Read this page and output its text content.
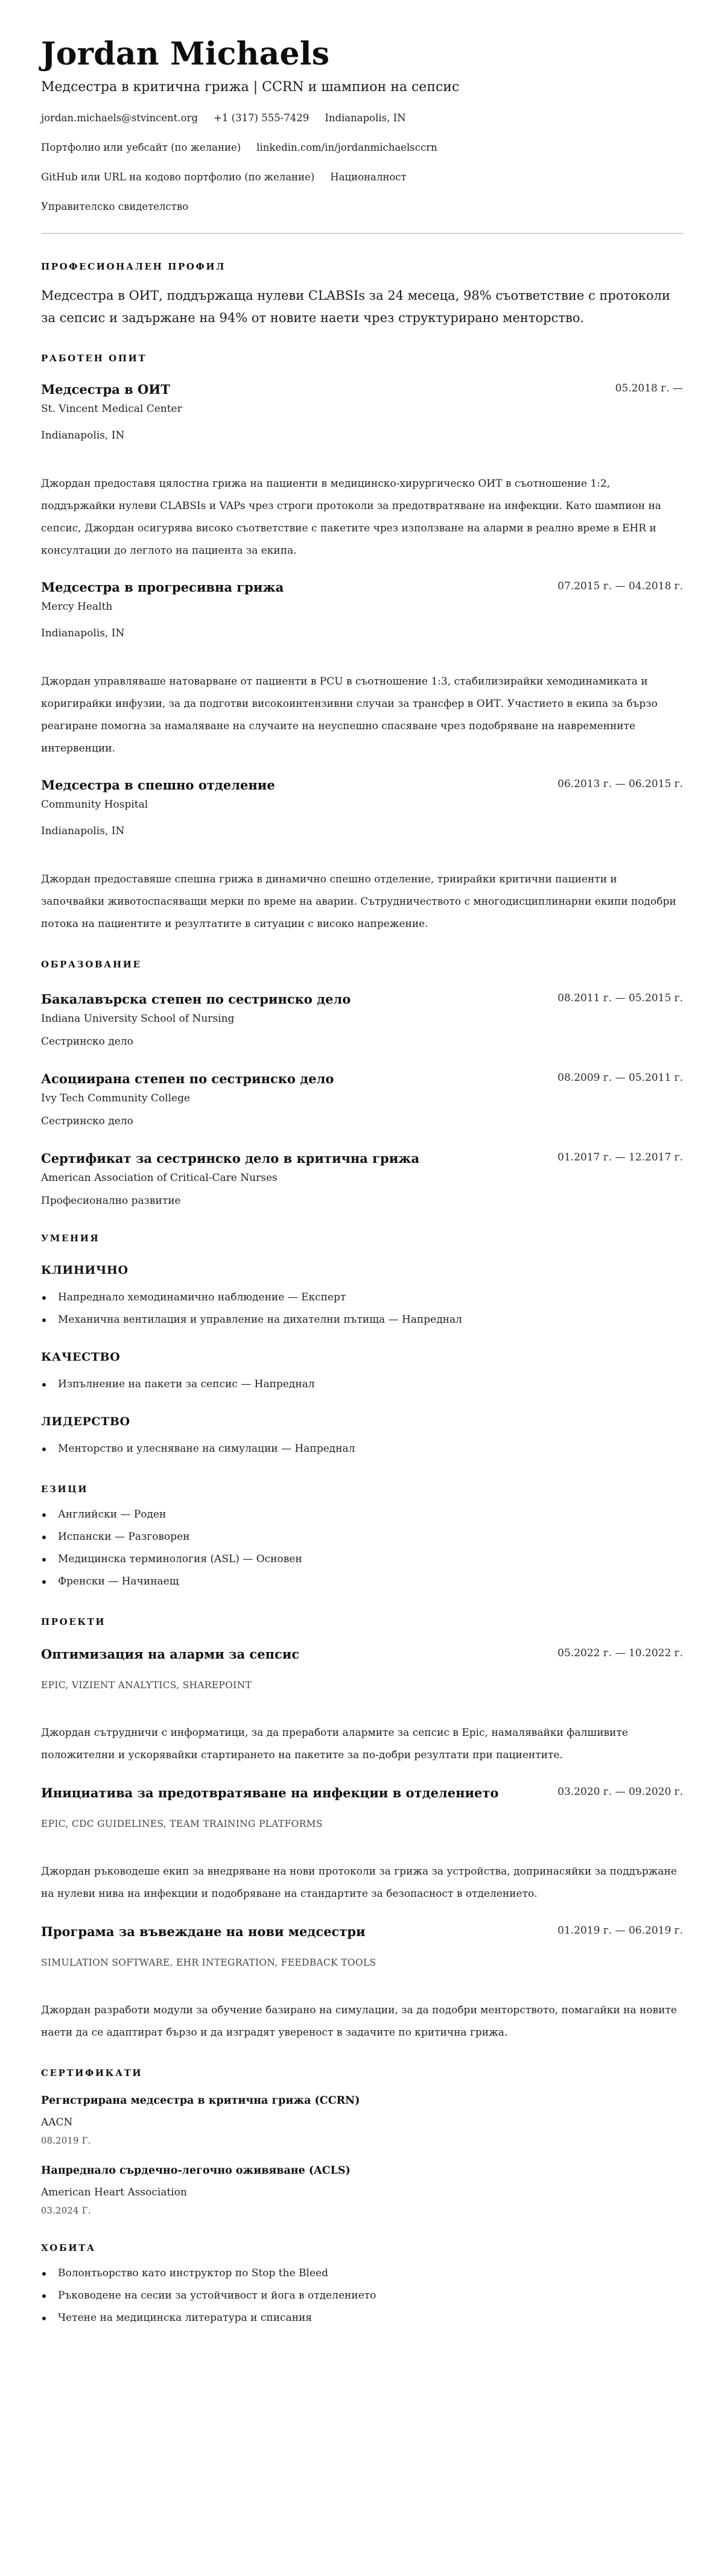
Jordan Michaels
Медсестра в критична грижа | CCRN и шампион на сепсис
jordan.michaels@stvincent.org +1 (317) 555-7429 Indianapolis, IN
Портфолио или уебсайт (по желание) linkedin.com/in/jordanmichaelsccrn
GitHub или URL на кодово портфолио (по желание) Националност
Управителско свидетелство
ПРОФЕСИОНАЛЕН ПРОФИЛ

Медсестра в ОИТ, поддържаща нулеви CLABSIs за 24 месеца, 98% съответствие с протоколи за сепсис и задържане на 94% от новите наети чрез структурирано менторство.

РАБОТЕН ОПИТ
Медсестра в ОИТ	05.2018 г. —
St. Vincent Medical Center
Indianapolis, IN

Джордан предоставя цялостна грижа на пациенти в медицинско-хирургическо ОИТ в съотношение 1:2, поддържайки нулеви CLABSIs и VAPs чрез строги протоколи за предотвратяване на инфекции. Като шампион на сепсис, Джордан осигурява високо съответствие с пакетите чрез използване на аларми в реално време в EHR и консултации до леглото на пациента за екипа.

Медсестра в прогресивна грижа	07.2015 г. — 04.2018 г.
Mercy Health
Indianapolis, IN

Джордан управляваше натоварване от пациенти в PCU в съотношение 1:3, стабилизирайки хемодинамиката и коригирайки инфузии, за да подготви високоинтензивни случаи за трансфер в ОИТ. Участието в екипа за бързо реагиране помогна за намаляване на случаите на неуспешно спасяване чрез подобряване на навременните интервенции.

Медсестра в спешно отделение	06.2013 г. — 06.2015 г.
Community Hospital
Indianapolis, IN

Джордан предоставяше спешна грижа в динамично спешно отделение, триирайки критични пациенти и започвайки животоспасяващи мерки по време на аварии. Сътрудничеството с многодисциплинарни екипи подобри потока на пациентите и резултатите в ситуации с високо напрежение.

ОБРАЗОВАНИЕ
Бакалавърска степен по сестринско дело	08.2011 г. — 05.2015 г.
Indiana University School of Nursing
Сестринско дело
Асоциирана степен по сестринско дело	08.2009 г. — 05.2011 г.
Ivy Tech Community College
Сестринско дело
Сертификат за сестринско дело в критична грижа	01.2017 г. — 12.2017 г.
American Association of Critical-Care Nurses
Професионално развитие
УМЕНИЯ
КЛИНИЧНО
Напреднало хемодинамично наблюдение — Експерт
Механична вентилация и управление на дихателни пътища — Напреднал
КАЧЕСТВО
Изпълнение на пакети за сепсис — Напреднал
ЛИДЕРСТВО
Менторство и улесняване на симулации — Напреднал
ЕЗИЦИ
Английски — Роден
Испански — Разговорен
Медицинска терминология (ASL) — Основен
Френски — Начинаещ
ПРОЕКТИ
Оптимизация на аларми за сепсис	05.2022 г. — 10.2022 г.
EPIC, VIZIENT ANALYTICS, SHAREPOINT

Джордан сътрудничи с информатици, за да преработи алармите за сепсис в Epic, намалявайки фалшивите положителни и ускорявайки стартирането на пакетите за по-добри резултати при пациентите.

Инициатива за предотвратяване на инфекции в отделението	03.2020 г. — 09.2020 г.
EPIC, CDC GUIDELINES, TEAM TRAINING PLATFORMS

Джордан ръководеше екип за внедряване на нови протоколи за грижа за устройства, допринасяйки за поддържане на нулеви нива на инфекции и подобряване на стандартите за безопасност в отделението.

Програма за въвеждане на нови медсестри	01.2019 г. — 06.2019 г.
SIMULATION SOFTWARE, EHR INTEGRATION, FEEDBACK TOOLS

Джордан разработи модули за обучение базирано на симулации, за да подобри менторството, помагайки на новите наети да се адаптират бързо и да изградят увереност в задачите по критична грижа.

СЕРТИФИКАТИ
Регистрирана медсестра в критична грижа (CCRN)
AACN
08.2019 Г.
Напреднало сърдечно-легочно оживяване (ACLS)
American Heart Association
03.2024 Г.
ХОБИТА
Волонтьорство като инструктор по Stop the Bleed
Ръководене на сесии за устойчивост и йога в отделението
Четене на медицинска литература и списания
